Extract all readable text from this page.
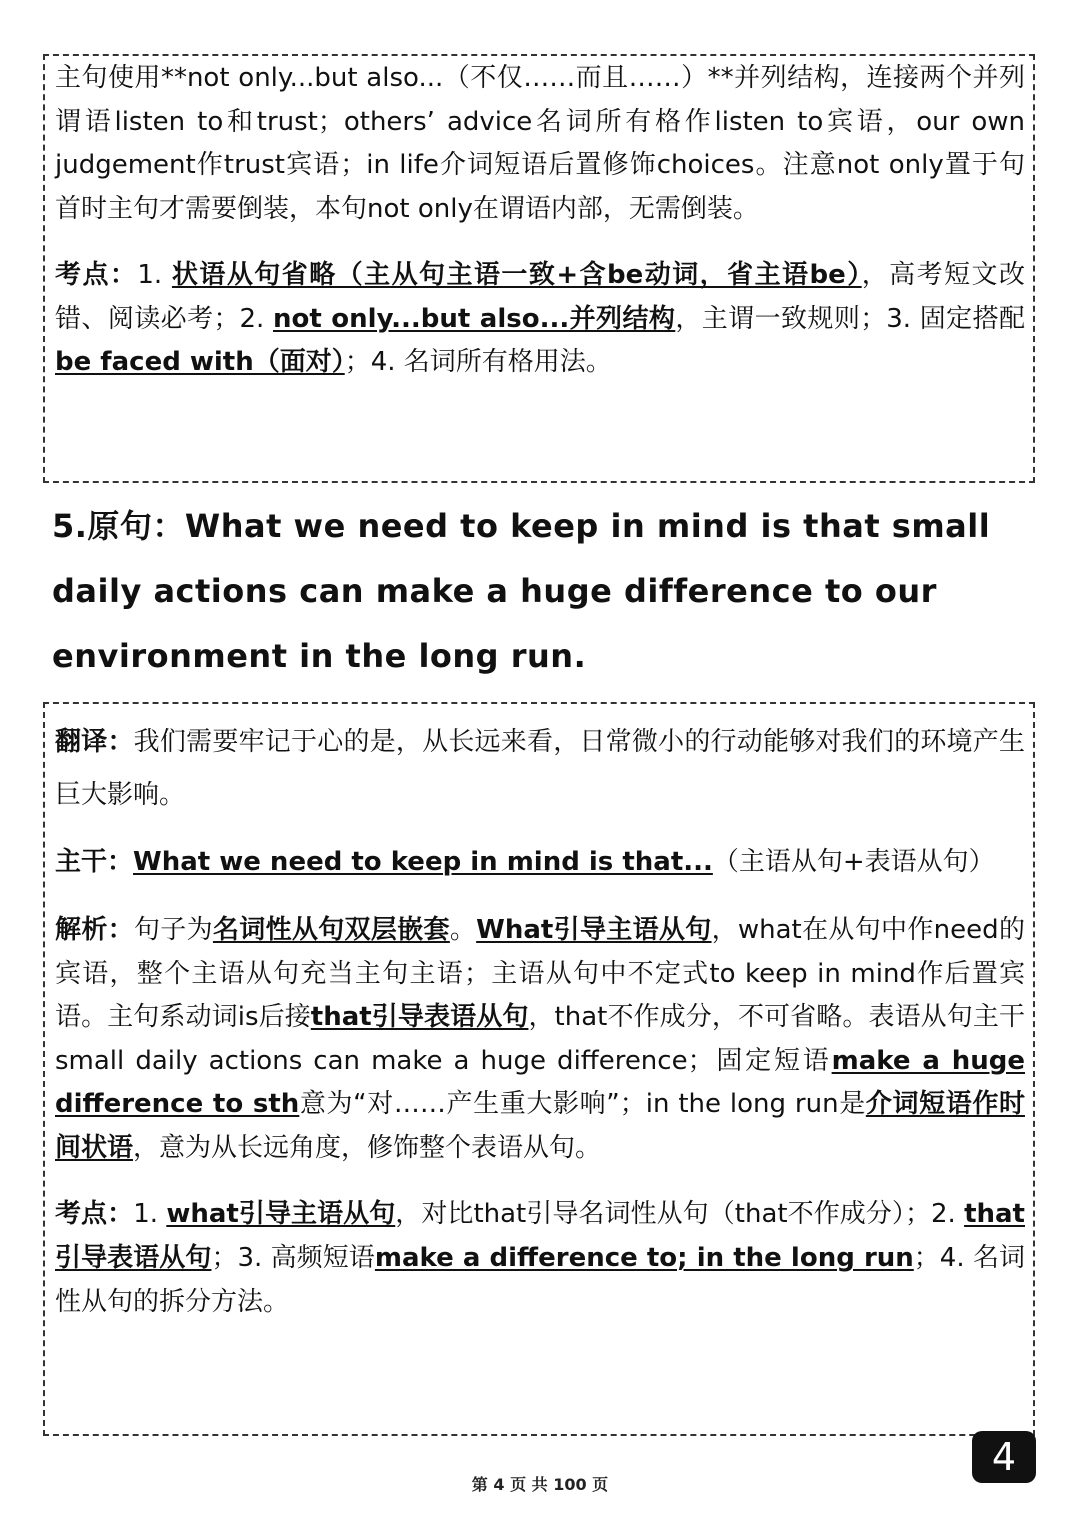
主句使用**not only...but also...（不仅……而且……）**并列结构，连接两个并列谓语listen to和trust；others’ advice名词所有格作listen to宾语，our own judgement作trust宾语；in life介词短语后置修饰choices。注意not only置于句首时主句才需要倒装，本句not only在谓语内部，无需倒装。

考点：1. 状语从句省略（主从句主语一致+含be动词，省主语be），高考短文改错、阅读必考；2. not only...but also...并列结构，主谓一致规则；3. 固定搭配be faced with（面对）；4. 名词所有格用法。

5.原句：What we need to keep in mind is that small daily actions can make a huge difference to our environment in the long run.

翻译：我们需要牢记于心的是，从长远来看，日常微小的行动能够对我们的环境产生巨大影响。

主干：What we need to keep in mind is that...（主语从句+表语从句）

解析：句子为名词性从句双层嵌套。What引导主语从句，what在从句中作need的宾语，整个主语从句充当主句主语；主语从句中不定式to keep in mind作后置宾语。主句系动词is后接that引导表语从句，that不作成分，不可省略。表语从句主干small daily actions can make a huge difference；固定短语make a huge difference to sth意为“对……产生重大影响”；in the long run是介词短语作时间状语，意为从长远角度，修饰整个表语从句。

考点：1. what引导主语从句，对比that引导名词性从句（that不作成分）；2. that引导表语从句；3. 高频短语make a difference to; in the long run；4. 名词性从句的拆分方法。

4
第 4 页 共 100 页
